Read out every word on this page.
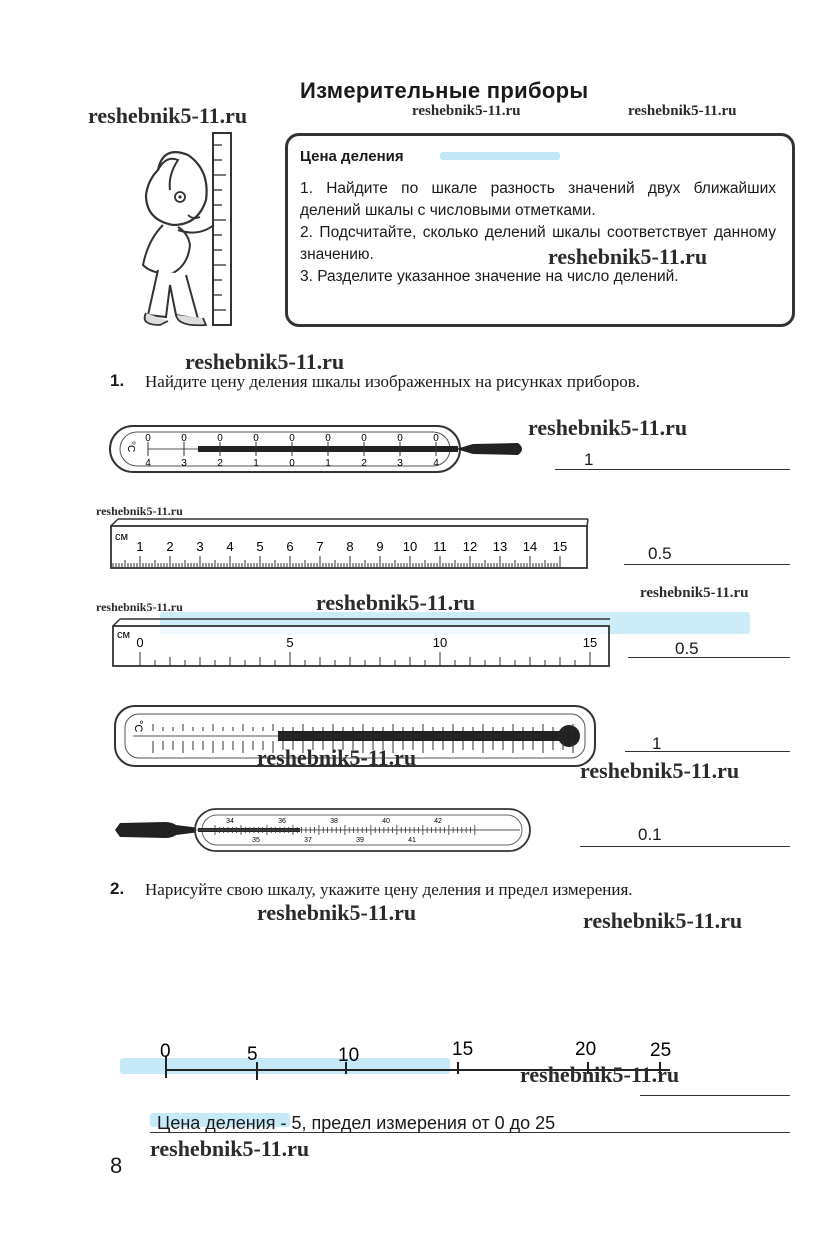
Измерительные приборы
reshebnik5-11.ru	reshebnik5-11.ru	reshebnik5-11.ru
Цена деления
1. Найдите по шкале разность значений двух ближайших делений шкалы с числовыми отметками.
2. Подсчитайте, сколько делений шкалы соответствует данному значению.
3. Разделите указанное значение на число делений.
reshebnik5-11.ru
reshebnik5-11.ru
1. Найдите цену деления шкалы изображенных на рисунках приборов.
°C
0	0	0	0	0	0	0	0	0
4	3	2	1	0	1	2	3	4
reshebnik5-11.ru
1
reshebnik5-11.ru
см
1 2 3 4 5 6 7 8 9 10 11 12 13 14 15	0.5
reshebnik5-11.ru	reshebnik5-11.ru	reshebnik5-11.ru
см 0	5	10	15	0.5
°C
reshebnik5-11.ru
1
reshebnik5-11.ru
34	36	38	40	42
35	37	39	41	0.1
2. Нарисуйте свою шкалу, укажите цену деления и предел измерения.
reshebnik5-11.ru	reshebnik5-11.ru
0	5	10	15	20	25
reshebnik5-11.ru
Цена деления - 5, предел измерения от 0 до 25
reshebnik5-11.ru
8
